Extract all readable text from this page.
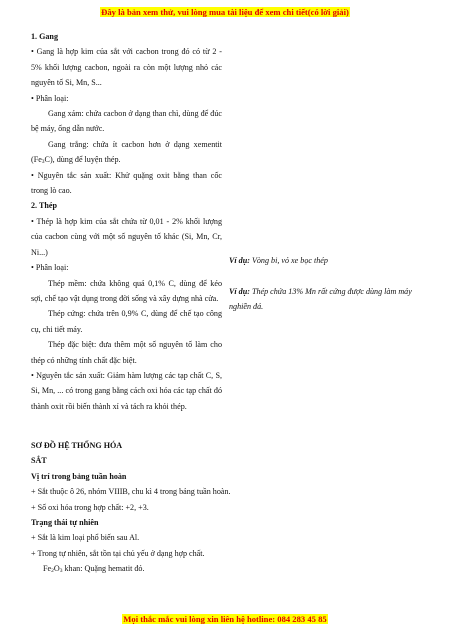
Đây là bản xem thử, vui lòng mua tài liệu để xem chi tiết(có lời giải)

1. Gang

• Gang là hợp kim của sắt với cacbon trong đó có từ 2 - 5% khối lượng cacbon, ngoài ra còn một lượng nhỏ các nguyên tố Si, Mn, S...

• Phân loại:

Gang xám: chứa cacbon ở dạng than chì, dùng để đúc bệ máy, ống dẫn nước.

Gang trắng: chứa ít cacbon hơn ở dạng xementit $(Fe_3C)$, dùng để luyện thép.

• Nguyên tắc sản xuất: Khử quặng oxit bằng than cốc trong lò cao.

2. Thép

• Thép là hợp kim của sắt chứa từ 0,01 - 2% khối lượng của cacbon cùng với một số nguyên tố khác (Si, Mn, Cr, Ni...)

• Phân loại:

Thép mềm: chứa không quá 0,1% C, dùng để kéo sợi, chế tạo vật dụng trong đời sống và xây dựng nhà cửa.

Thép cứng: chứa trên 0,9% C, dùng để chế tạo công cụ, chi tiết máy.

Thép đặc biệt: đưa thêm một số nguyên tố làm cho thép có những tính chất đặc biệt.

• Nguyên tắc sản xuất: Giảm hàm lượng các tạp chất C, S, Si, Mn, ... có trong gang bằng cách oxi hóa các tạp chất đó thành oxit rồi biến thành xỉ và tách ra khỏi thép.

Ví dụ: Vòng bi, vỏ xe bọc thép

Ví dụ: Thép chứa 13% Mn rất cứng được dùng làm máy nghiền đá.

SƠ ĐỒ HỆ THỐNG HÓA

SẮT

Vị trí trong bảng tuần hoàn

+ Sắt thuộc ô 26, nhóm VIIIB, chu kì 4 trong bảng tuần hoàn.

+ Số oxi hóa trong hợp chất: +2, +3.

Trạng thái tự nhiên

+ Sắt là kim loại phổ biến sau Al.

+ Trong tự nhiên, sắt tồn tại chủ yếu ở dạng hợp chất.

$Fe_2O_3$ khan: Quặng hematit đỏ.

Mọi thắc mắc vui lòng xin liên hệ hotline: 084 283 45 85
